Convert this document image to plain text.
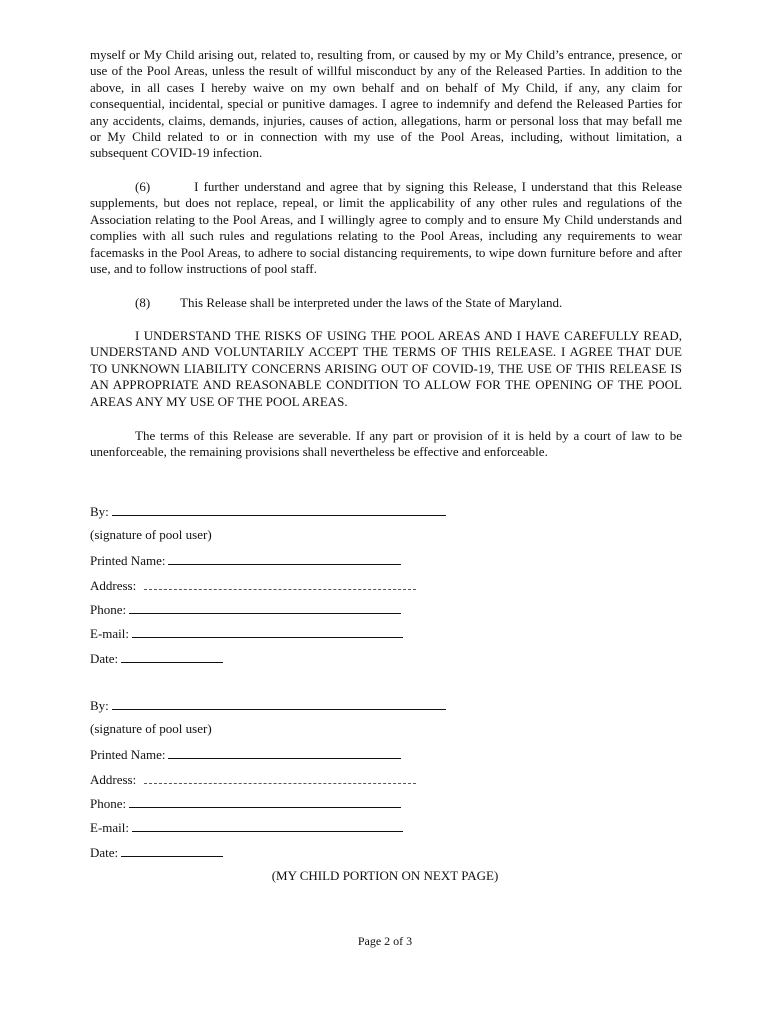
myself or My Child arising out, related to, resulting from, or caused by my or My Child’s entrance, presence, or use of the Pool Areas, unless the result of willful misconduct by any of the Released Parties. In addition to the above, in all cases I hereby waive on my own behalf and on behalf of My Child, if any, any claim for consequential, incidental, special or punitive damages. I agree to indemnify and defend the Released Parties for any accidents, claims, demands, injuries, causes of action, allegations, harm or personal loss that may befall me or My Child related to or in connection with my use of the Pool Areas, including, without limitation, a subsequent COVID-19 infection.

(6)	I further understand and agree that by signing this Release, I understand that this Release supplements, but does not replace, repeal, or limit the applicability of any other rules and regulations of the Association relating to the Pool Areas, and I willingly agree to comply and to ensure My Child understands and complies with all such rules and regulations relating to the Pool Areas, including any requirements to wear facemasks in the Pool Areas, to adhere to social distancing requirements, to wipe down furniture before and after use, and to follow instructions of pool staff.

(8) This Release shall be interpreted under the laws of the State of Maryland.

I UNDERSTAND THE RISKS OF USING THE POOL AREAS AND I HAVE CAREFULLY READ, UNDERSTAND AND VOLUNTARILY ACCEPT THE TERMS OF THIS RELEASE. I AGREE THAT DUE TO UNKNOWN LIABILITY CONCERNS ARISING OUT OF COVID-19, THE USE OF THIS RELEASE IS AN APPROPRIATE AND REASONABLE CONDITION TO ALLOW FOR THE OPENING OF THE POOL AREAS ANY MY USE OF THE POOL AREAS.

The terms of this Release are severable. If any part or provision of it is held by a court of law to be unenforceable, the remaining provisions shall nevertheless be effective and enforceable.

By:
(signature of pool user)
Printed Name:
Address:
Phone:
E-mail:
Date:
By:
(signature of pool user)
Printed Name:
Address:
Phone:
E-mail:
Date:
(MY CHILD PORTION ON NEXT PAGE)
Page 2 of 3
